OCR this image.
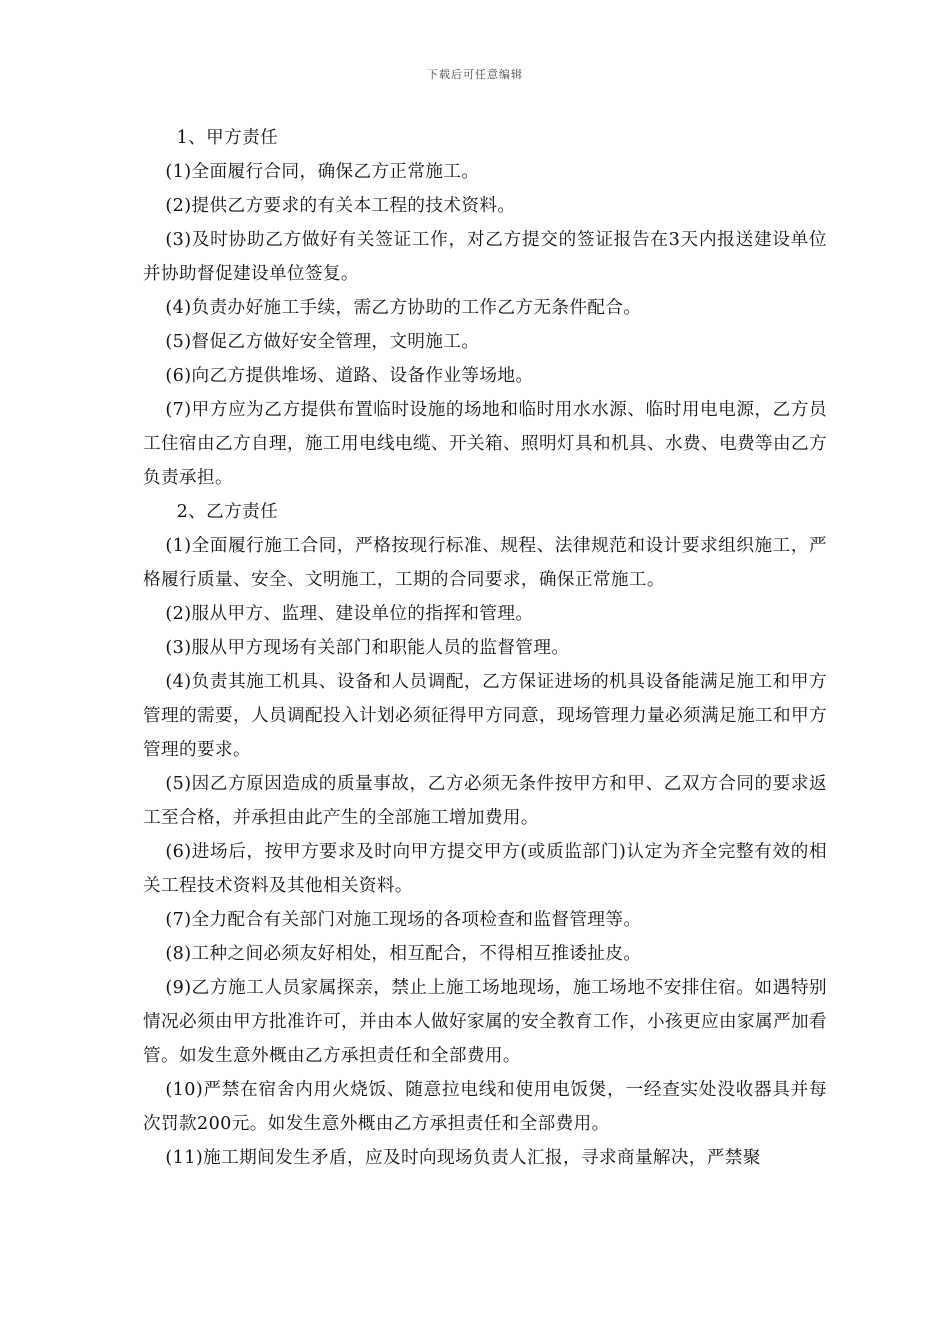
下载后可任意编辑

1、甲方责任

(1)全面履行合同，确保乙方正常施工。

(2)提供乙方要求的有关本工程的技术资料。

(3)及时协助乙方做好有关签证工作，对乙方提交的签证报告在3天内报送建设单位并协助督促建设单位签复。

(4)负责办好施工手续，需乙方协助的工作乙方无条件配合。

(5)督促乙方做好安全管理，文明施工。

(6)向乙方提供堆场、道路、设备作业等场地。

(7)甲方应为乙方提供布置临时设施的场地和临时用水水源、临时用电电源，乙方员工住宿由乙方自理，施工用电线电缆、开关箱、照明灯具和机具、水费、电费等由乙方负责承担。

2、乙方责任

(1)全面履行施工合同，严格按现行标准、规程、法律规范和设计要求组织施工，严格履行质量、安全、文明施工，工期的合同要求，确保正常施工。

(2)服从甲方、监理、建设单位的指挥和管理。

(3)服从甲方现场有关部门和职能人员的监督管理。

(4)负责其施工机具、设备和人员调配，乙方保证进场的机具设备能满足施工和甲方管理的需要，人员调配投入计划必须征得甲方同意，现场管理力量必须满足施工和甲方管理的要求。

(5)因乙方原因造成的质量事故，乙方必须无条件按甲方和甲、乙双方合同的要求返工至合格，并承担由此产生的全部施工增加费用。

(6)进场后，按甲方要求及时向甲方提交甲方(或质监部门)认定为齐全完整有效的相关工程技术资料及其他相关资料。

(7)全力配合有关部门对施工现场的各项检查和监督管理等。

(8)工种之间必须友好相处，相互配合，不得相互推诿扯皮。

(9)乙方施工人员家属探亲，禁止上施工场地现场，施工场地不安排住宿。如遇特别情况必须由甲方批准许可，并由本人做好家属的安全教育工作，小孩更应由家属严加看管。如发生意外概由乙方承担责任和全部费用。

(10)严禁在宿舍内用火烧饭、随意拉电线和使用电饭煲，一经查实处没收器具并每次罚款200元。如发生意外概由乙方承担责任和全部费用。

(11)施工期间发生矛盾，应及时向现场负责人汇报，寻求商量解决，严禁聚
